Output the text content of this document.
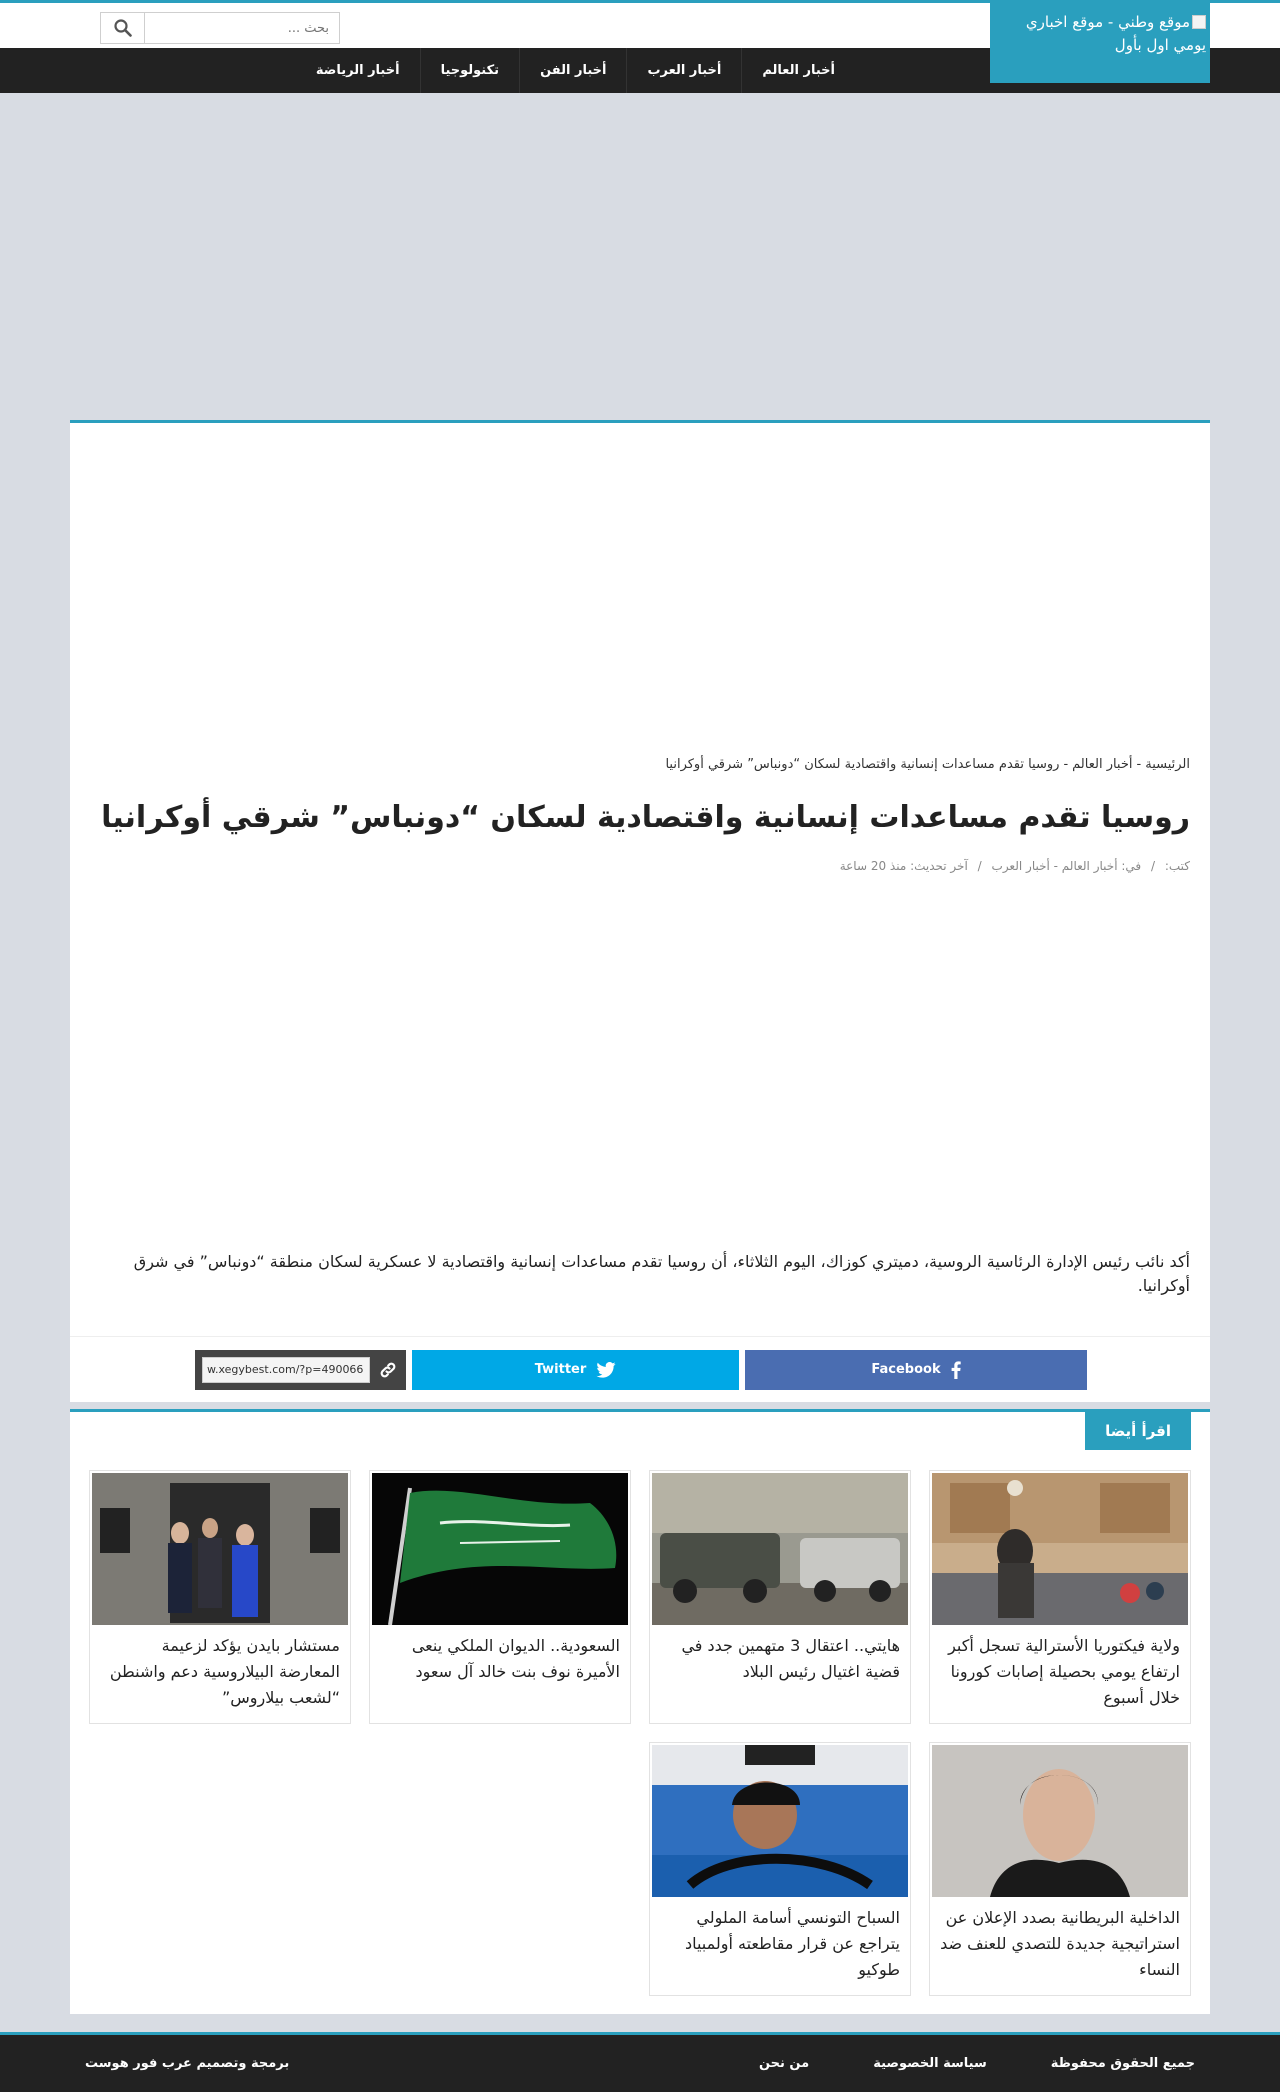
موقع وطني - موقع اخباري يومي اول بأول
بحث ...
أخبار العالم
أخبار العرب
أخبار الفن
تكنولوجيا
أخبار الرياضة
الرئيسية-أخبار العالم-روسيا تقدم مساعدات إنسانية واقتصادية لسكان “دونباس” شرقي أوكرانيا
روسيا تقدم مساعدات إنسانية واقتصادية لسكان “دونباس” شرقي أوكرانيا
كتب: / في: أخبار العالم - أخبار العرب / آخر تحديث: منذ 20 ساعة

أكد نائب رئيس الإدارة الرئاسية الروسية، دميتري كوزاك، اليوم الثلاثاء، أن روسيا تقدم مساعدات إنسانية واقتصادية لا عسكرية لسكان منطقة “دونباس” في شرق أوكرانيا.

Facebook
Twitter
w.xegybest.com/?p=490066
اقرأ أيضا
ولاية فيكتوريا الأسترالية تسجل أكبر ارتفاع يومي بحصيلة إصابات كورونا خلال أسبوع
هايتي.. اعتقال 3 متهمين جدد في قضية اغتيال رئيس البلاد
السعودية.. الديوان الملكي ينعى الأميرة نوف بنت خالد آل سعود
مستشار بايدن يؤكد لزعيمة المعارضة البيلاروسية دعم واشنطن “لشعب بيلاروس”
الداخلية البريطانية بصدد الإعلان عن استراتيجية جديدة للتصدي للعنف ضد النساء
السباح التونسي أسامة الملولي يتراجع عن قرار مقاطعته أولمبياد طوكيو
جميع الحقوق محفوظة
سياسة الخصوصية
من نحن
برمجة وتصميم عرب فور هوست
